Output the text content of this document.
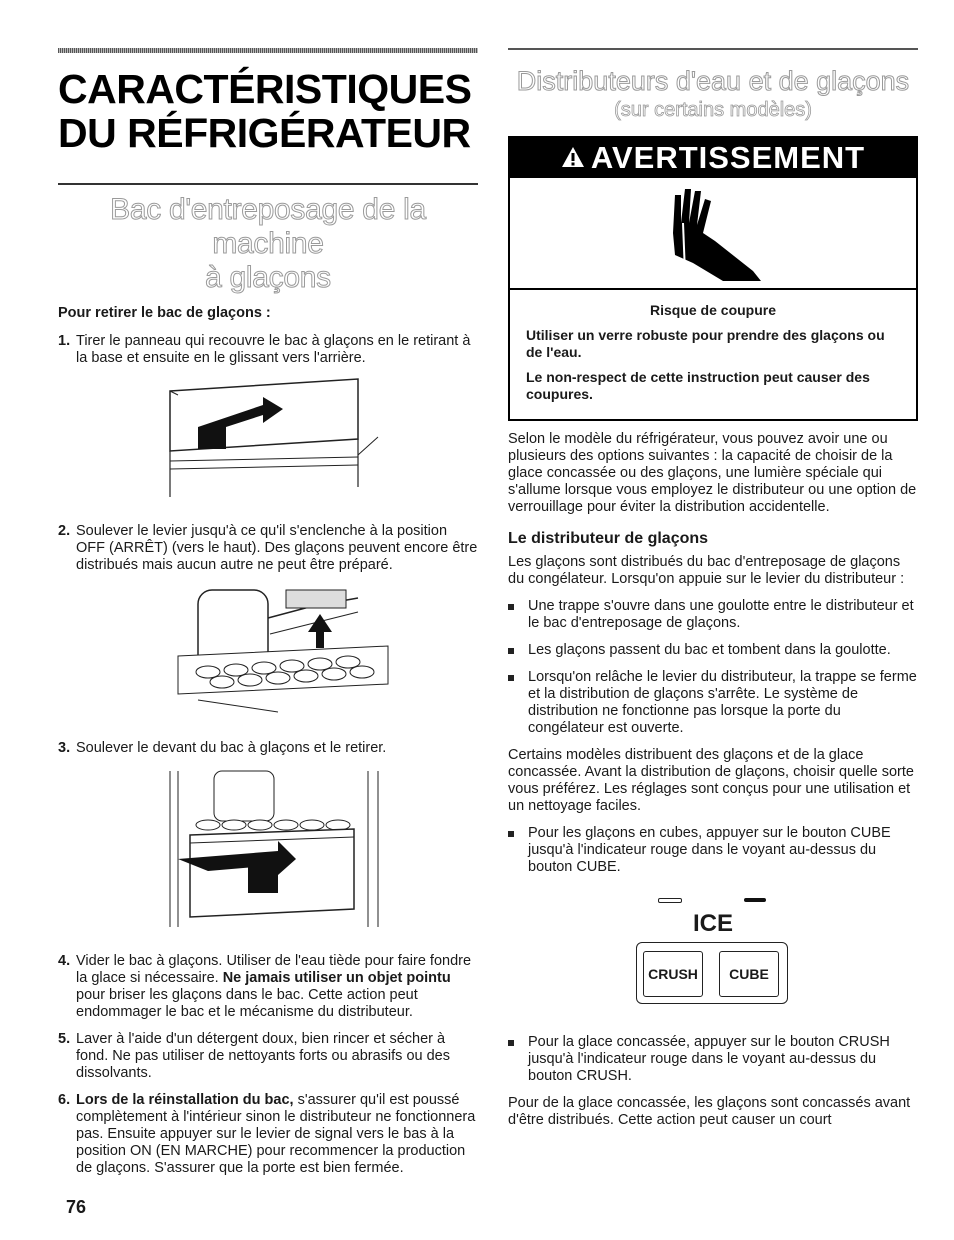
CARACTÉRISTIQUES
DU RÉFRIGÉRATEUR
Bac d'entreposage de la machine
à glaçons

Pour retirer le bac de glaçons :

1. Tirer le panneau qui recouvre le bac à glaçons en le retirant à la base et ensuite en le glissant vers l'arrière.
2. Soulever le levier jusqu'à ce qu'il s'enclenche à la position OFF (ARRÊT) (vers le haut). Des glaçons peuvent encore être distribués mais aucun autre ne peut être préparé.
3. Soulever le devant du bac à glaçons et le retirer.
4. Vider le bac à glaçons. Utiliser de l'eau tiède pour faire fondre la glace si nécessaire. Ne jamais utiliser un objet pointu pour briser les glaçons dans le bac. Cette action peut endommager le bac et le mécanisme du distributeur.
5. Laver à l'aide d'un détergent doux, bien rincer et sécher à fond. Ne pas utiliser de nettoyants forts ou abrasifs ou des dissolvants.
6. Lors de la réinstallation du bac, s'assurer qu'il est poussé complètement à l'intérieur sinon le distributeur ne fonctionnera pas. Ensuite appuyer sur le levier de signal vers le bas à la position ON (EN MARCHE) pour recommencer la production de glaçons. S'assurer que la porte est bien fermée.
Distributeurs d'eau et de glaçons
(sur certains modèles)
AVERTISSEMENT
Risque de coupure

Utiliser un verre robuste pour prendre des glaçons ou de l'eau.

Le non-respect de cette instruction peut causer des coupures.

Selon le modèle du réfrigérateur, vous pouvez avoir une ou plusieurs des options suivantes : la capacité de choisir de la glace concassée ou des glaçons, une lumière spéciale qui s'allume lorsque vous employez le distributeur ou une option de verrouillage pour éviter la distribution accidentelle.

Le distributeur de glaçons

Les glaçons sont distribués du bac d'entreposage de glaçons du congélateur. Lorsqu'on appuie sur le levier du distributeur :

Une trappe s'ouvre dans une goulotte entre le distributeur et le bac d'entreposage de glaçons.
Les glaçons passent du bac et tombent dans la goulotte.
Lorsqu'on relâche le levier du distributeur, la trappe se ferme et la distribution de glaçons s'arrête. Le système de distribution ne fonctionne pas lorsque la porte du congélateur est ouverte.

Certains modèles distribuent des glaçons et de la glace concassée. Avant la distribution de glaçons, choisir quelle sorte vous préférez. Les réglages sont conçus pour une utilisation et un nettoyage faciles.

Pour les glaçons en cubes, appuyer sur le bouton CUBE jusqu'à l'indicateur rouge dans le voyant au-dessus du bouton CUBE.
ICE
CRUSH	CUBE
Pour la glace concassée, appuyer sur le bouton CRUSH jusqu'à l'indicateur rouge dans le voyant au-dessus du bouton CRUSH.

Pour de la glace concassée, les glaçons sont concassés avant d'être distribués. Cette action peut causer un court

76
